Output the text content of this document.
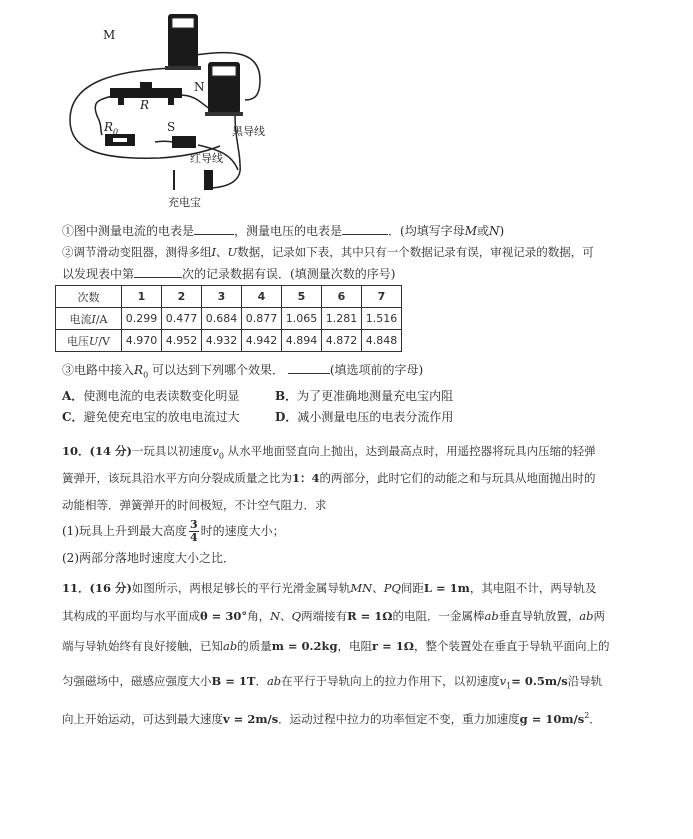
M
N
R
$R_0$	S	黑导线
红导线
充电宝
①图中测量电流的电表是	，测量电压的电表是	．(均填写字母M或N)
②调节滑动变阻器，测得多组I、U数据，记录如下表，其中只有一个数据记录有误，审视记录的数据，可
以发现表中第	次的记录数据有误．(填测量次数的序号)
次数	1	2	3	4	5	6	7
电流I/A	0.299	0.477	0.684	0.877	1.065	1.281	1.516
电压U/V	4.970	4.952	4.932	4.942	4.894	4.872	4.848
③电路中接入$R_0$ 可以达到下列哪个效果．	(填选项前的字母)
A．使测电流的电表读数变化明显	B．为了更准确地测量充电宝内阻
C．避免使充电宝的放电电流过大	D．减小测量电压的电表分流作用
10．(14 分)一玩具以初速度$v_0$ 从水平地面竖直向上抛出，达到最高点时，用遥控器将玩具内压缩的轻弹
簧弹开，该玩具沿水平方向分裂成质量之比为1：4的两部分，此时它们的动能之和与玩具从地面抛出时的
动能相等．弹簧弹开的时间极短，不计空气阻力．求
(1)玩具上升到最大高度 $\frac{3}{4}$ 时的速度大小；
(2)两部分落地时速度大小之比．
11．(16 分)如图所示，两根足够长的平行光滑金属导轨MN、PQ间距L = 1m，其电阻不计，两导轨及
其构成的平面均与水平面成θ = 30°角，N、Q两端接有R = 1Ω的电阻．一金属棒ab垂直导轨放置，ab两
端与导轨始终有良好接触，已知ab的质量m = 0.2kg，电阻r = 1Ω，整个装置处在垂直于导轨平面向上的
匀强磁场中，磁感应强度大小B = 1T．ab在平行于导轨向上的拉力作用下，以初速度$v_1= 0.5m/s$沿导轨
向上开始运动，可达到最大速度v = 2m/s．运动过程中拉力的功率恒定不变，重力加速度$g = 10m/s^2$．
